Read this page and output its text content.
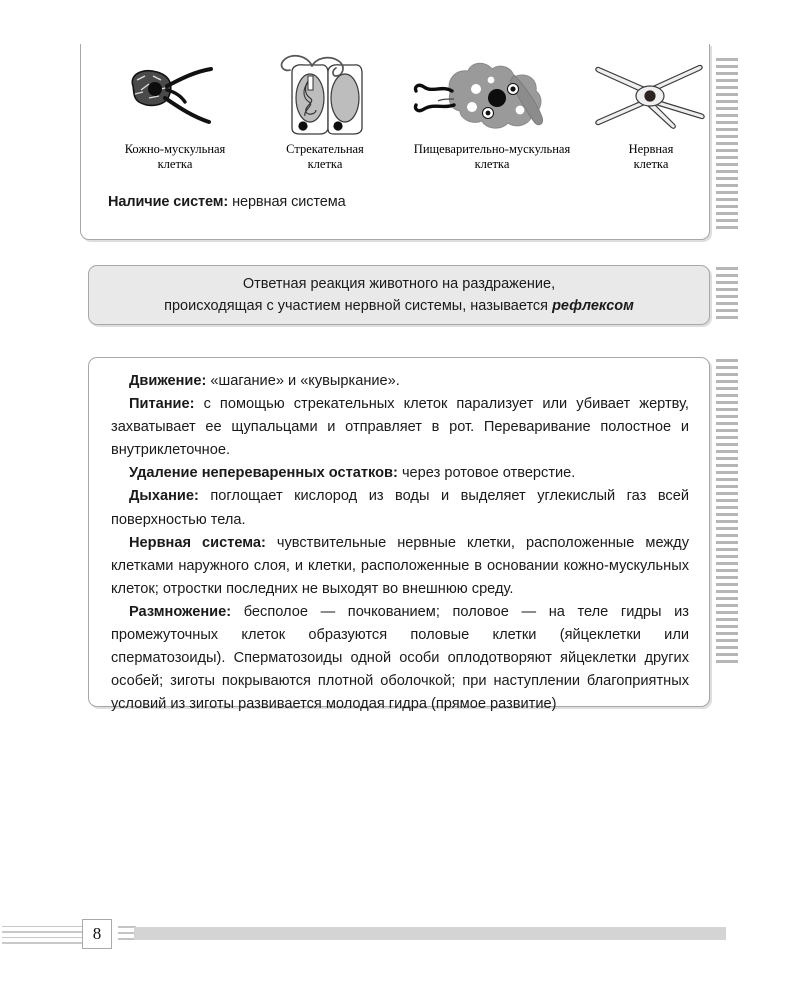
Кожно-мускульная
клетка
Стрекательная
клетка
Пищеварительно-мускульная
клетка
Нервная
клетка
Наличие систем: нервная система
Ответная реакция животного на раздражение,
происходящая с участием нервной системы, называется рефлексом

Движение: «шагание» и «кувыркание».

Питание: с помощью стрекательных клеток парализует или убивает жертву, захватывает ее щупальцами и отправляет в рот. Переваривание полостное и внутриклеточное.

Удаление непереваренных остатков: через ротовое отверстие.

Дыхание: поглощает кислород из воды и выделяет углекислый газ всей поверхностью тела.

Нервная система: чувствительные нервные клетки, расположенные между клетками наружного слоя, и клетки, расположенные в основании кожно-мускульных клеток; отростки последних не выходят во внешнюю среду.

Размножение: бесполое — почкованием; половое — на теле гидры из промежуточных клеток образуются половые клетки (яйцеклетки или сперматозоиды). Сперматозоиды одной особи оплодотворяют яйцеклетки других особей; зиготы покрываются плотной оболочкой; при наступлении благоприятных условий из зиготы развивается молодая гидра (прямое развитие)

8
